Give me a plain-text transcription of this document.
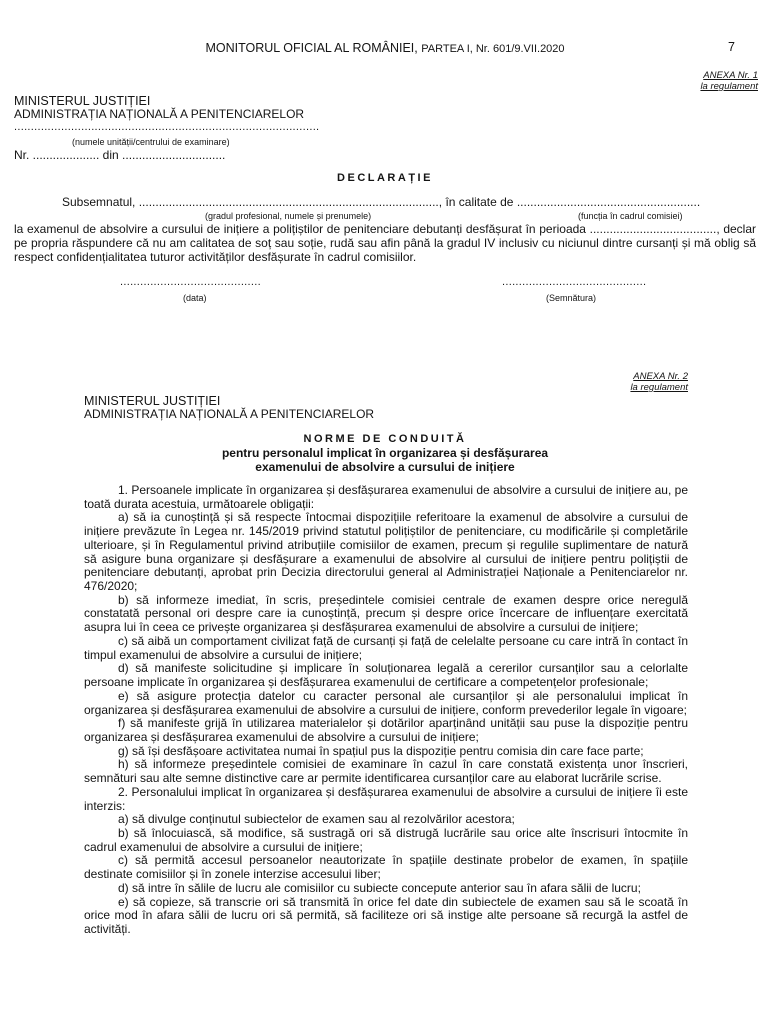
MONITORUL OFICIAL AL ROMÂNIEI, PARTEA I, Nr. 601/9.VII.2020	7
ANEXA Nr. 1
la regulament
MINISTERUL JUSTIȚIEI
ADMINISTRAȚIA NAȚIONALĂ A PENITENCIARELOR
...........................................................................................
(numele unității/centrului de examinare)
Nr. .................... din ...............................
DECLARAȚIE
Subsemnatul, .........................................................................................., în calitate de .......................................................
(gradul profesional, numele și prenumele)	(funcția în cadrul comisiei)
la examenul de absolvire a cursului de inițiere a polițiștilor de penitenciare debutanți desfășurat în perioada ......................................, declar pe propria răspundere că nu am calitatea de soț sau soție, rudă sau afin până la gradul IV inclusiv cu niciunul dintre cursanți și mă oblig să respect confidențialitatea tuturor activităților desfășurate în cadrul comisiilor.
..........................................
(data)
...........................................
(Semnătura)
ANEXA Nr. 2
la regulament
MINISTERUL JUSTIȚIEI
ADMINISTRAȚIA NAȚIONALĂ A PENITENCIARELOR
NORME DE CONDUITĂ
pentru personalul implicat în organizarea și desfășurarea
examenului de absolvire a cursului de inițiere

1. Persoanele implicate în organizarea și desfășurarea examenului de absolvire a cursului de inițiere au, pe toată durata acestuia, următoarele obligații:

a) să ia cunoștință și să respecte întocmai dispozițiile referitoare la examenul de absolvire a cursului de inițiere prevăzute în Legea nr. 145/2019 privind statutul polițiștilor de penitenciare, cu modificările și completările ulterioare, și în Regulamentul privind atribuțiile comisiilor de examen, precum și regulile suplimentare de natură să asigure buna organizare și desfășurare a examenului de absolvire al cursului de inițiere pentru polițiștii de penitenciare debutanți, aprobat prin Decizia directorului general al Administrației Naționale a Penitenciarelor nr. 476/2020;

b) să informeze imediat, în scris, președintele comisiei centrale de examen despre orice neregulă constatată personal ori despre care ia cunoștință, precum și despre orice încercare de influențare exercitată asupra lui în ceea ce privește organizarea și desfășurarea examenului de absolvire a cursului de inițiere;

c) să aibă un comportament civilizat față de cursanți și față de celelalte persoane cu care intră în contact în timpul examenului de absolvire a cursului de inițiere;

d) să manifeste solicitudine și implicare în soluționarea legală a cererilor cursanților sau a celorlalte persoane implicate în organizarea și desfășurarea examenului de certificare a competențelor profesionale;

e) să asigure protecția datelor cu caracter personal ale cursanților și ale personalului implicat în organizarea și desfășurarea examenului de absolvire a cursului de inițiere, conform prevederilor legale în vigoare;

f) să manifeste grijă în utilizarea materialelor și dotărilor aparținând unității sau puse la dispoziție pentru organizarea și desfășurarea examenului de absolvire a cursului de inițiere;

g) să își desfășoare activitatea numai în spațiul pus la dispoziție pentru comisia din care face parte;

h) să informeze președintele comisiei de examinare în cazul în care constată existența unor înscrieri, semnături sau alte semne distinctive care ar permite identificarea cursanților care au elaborat lucrările scrise.

2. Personalului implicat în organizarea și desfășurarea examenului de absolvire a cursului de inițiere îi este interzis:

a) să divulge conținutul subiectelor de examen sau al rezolvărilor acestora;

b) să înlocuiască, să modifice, să sustragă ori să distrugă lucrările sau orice alte înscrisuri întocmite în cadrul examenului de absolvire a cursului de inițiere;

c) să permită accesul persoanelor neautorizate în spațiile destinate probelor de examen, în spațiile destinate comisiilor și în zonele interzise accesului liber;

d) să intre în sălile de lucru ale comisiilor cu subiecte concepute anterior sau în afara sălii de lucru;

e) să copieze, să transcrie ori să transmită în orice fel date din subiectele de examen sau să le scoată în orice mod în afara sălii de lucru ori să permită, să faciliteze ori să instige alte persoane să recurgă la astfel de activități.
